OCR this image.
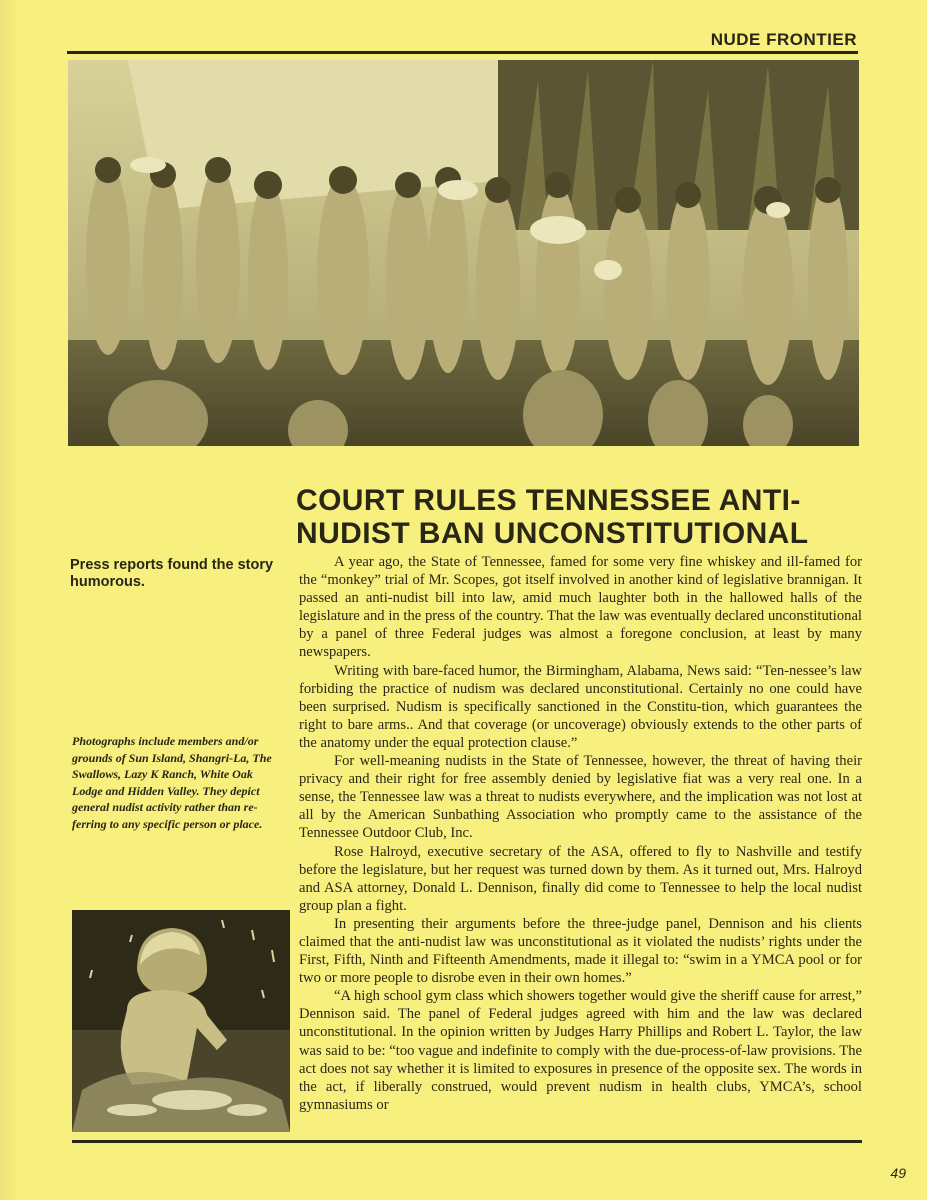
NUDE FRONTIER
COURT RULES TENNESSEE ANTI-NUDIST BAN UNCONSTITUTIONAL
Press reports found the story humorous.
Photographs include members and/or grounds of Sun Island, Shangri-La, The Swallows, Lazy K Ranch, White Oak Lodge and Hidden Valley. They depict general nudist activity rather than re-ferring to any specific person or place.

A year ago, the State of Tennessee, famed for some very fine whiskey and ill-famed for the “monkey” trial of Mr. Scopes, got itself involved in another kind of legislative brannigan. It passed an anti-nudist bill into law, amid much laughter both in the hallowed halls of the legislature and in the press of the country. That the law was eventually declared unconstitutional by a panel of three Federal judges was almost a foregone conclusion, at least by many newspapers.

Writing with bare-faced humor, the Birmingham, Alabama, News said: “Ten-nessee’s law forbiding the practice of nudism was declared unconstitutional. Certainly no one could have been surprised. Nudism is specifically sanctioned in the Constitu-tion, which guarantees the right to bare arms.. And that coverage (or uncoverage) obviously extends to the other parts of the anatomy under the equal protection clause.”

For well-meaning nudists in the State of Tennessee, however, the threat of having their privacy and their right for free assembly denied by legislative fiat was a very real one. In a sense, the Tennessee law was a threat to nudists everywhere, and the implication was not lost at all by the American Sunbathing Association who promptly came to the assistance of the Tennessee Outdoor Club, Inc.

Rose Halroyd, executive secretary of the ASA, offered to fly to Nashville and testify before the legislature, but her request was turned down by them. As it turned out, Mrs. Halroyd and ASA attorney, Donald L. Dennison, finally did come to Tennessee to help the local nudist group plan a fight.

In presenting their arguments before the three-judge panel, Dennison and his clients claimed that the anti-nudist law was unconstitutional as it violated the nudists’ rights under the First, Fifth, Ninth and Fifteenth Amendments, made it illegal to: “swim in a YMCA pool or for two or more people to disrobe even in their own homes.”

“A high school gym class which showers together would give the sheriff cause for arrest,” Dennison said. The panel of Federal judges agreed with him and the law was declared unconstitutional. In the opinion written by Judges Harry Phillips and Robert L. Taylor, the law was said to be: “too vague and indefinite to comply with the due-process-of-law provisions. The act does not say whether it is limited to exposures in presence of the opposite sex. The words in the act, if liberally construed, would prevent nudism in health clubs, YMCA’s, school gymnasiums or

49
